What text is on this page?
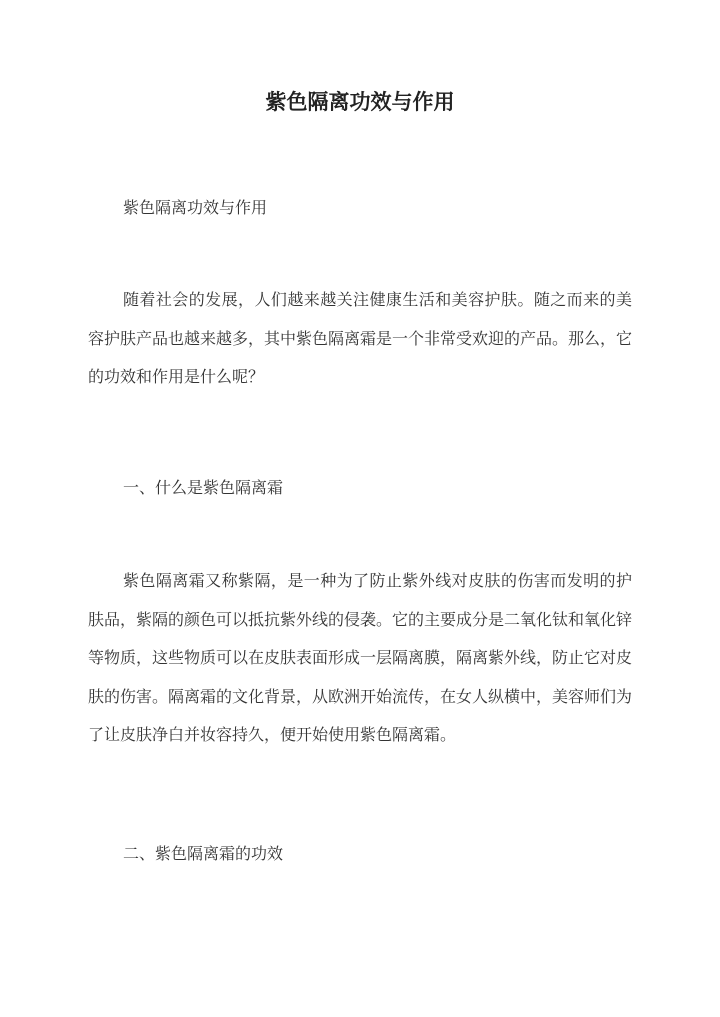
紫色隔离功效与作用
紫色隔离功效与作用

随着社会的发展，人们越来越关注健康生活和美容护肤。随之而来的美容护肤产品也越来越多，其中紫色隔离霜是一个非常受欢迎的产品。那么，它的功效和作用是什么呢？

一、什么是紫色隔离霜

紫色隔离霜又称紫隔，是一种为了防止紫外线对皮肤的伤害而发明的护肤品，紫隔的颜色可以抵抗紫外线的侵袭。它的主要成分是二氧化钛和氧化锌等物质，这些物质可以在皮肤表面形成一层隔离膜，隔离紫外线，防止它对皮肤的伤害。隔离霜的文化背景，从欧洲开始流传，在女人纵横中，美容师们为了让皮肤净白并妆容持久，便开始使用紫色隔离霜。

二、紫色隔离霜的功效
